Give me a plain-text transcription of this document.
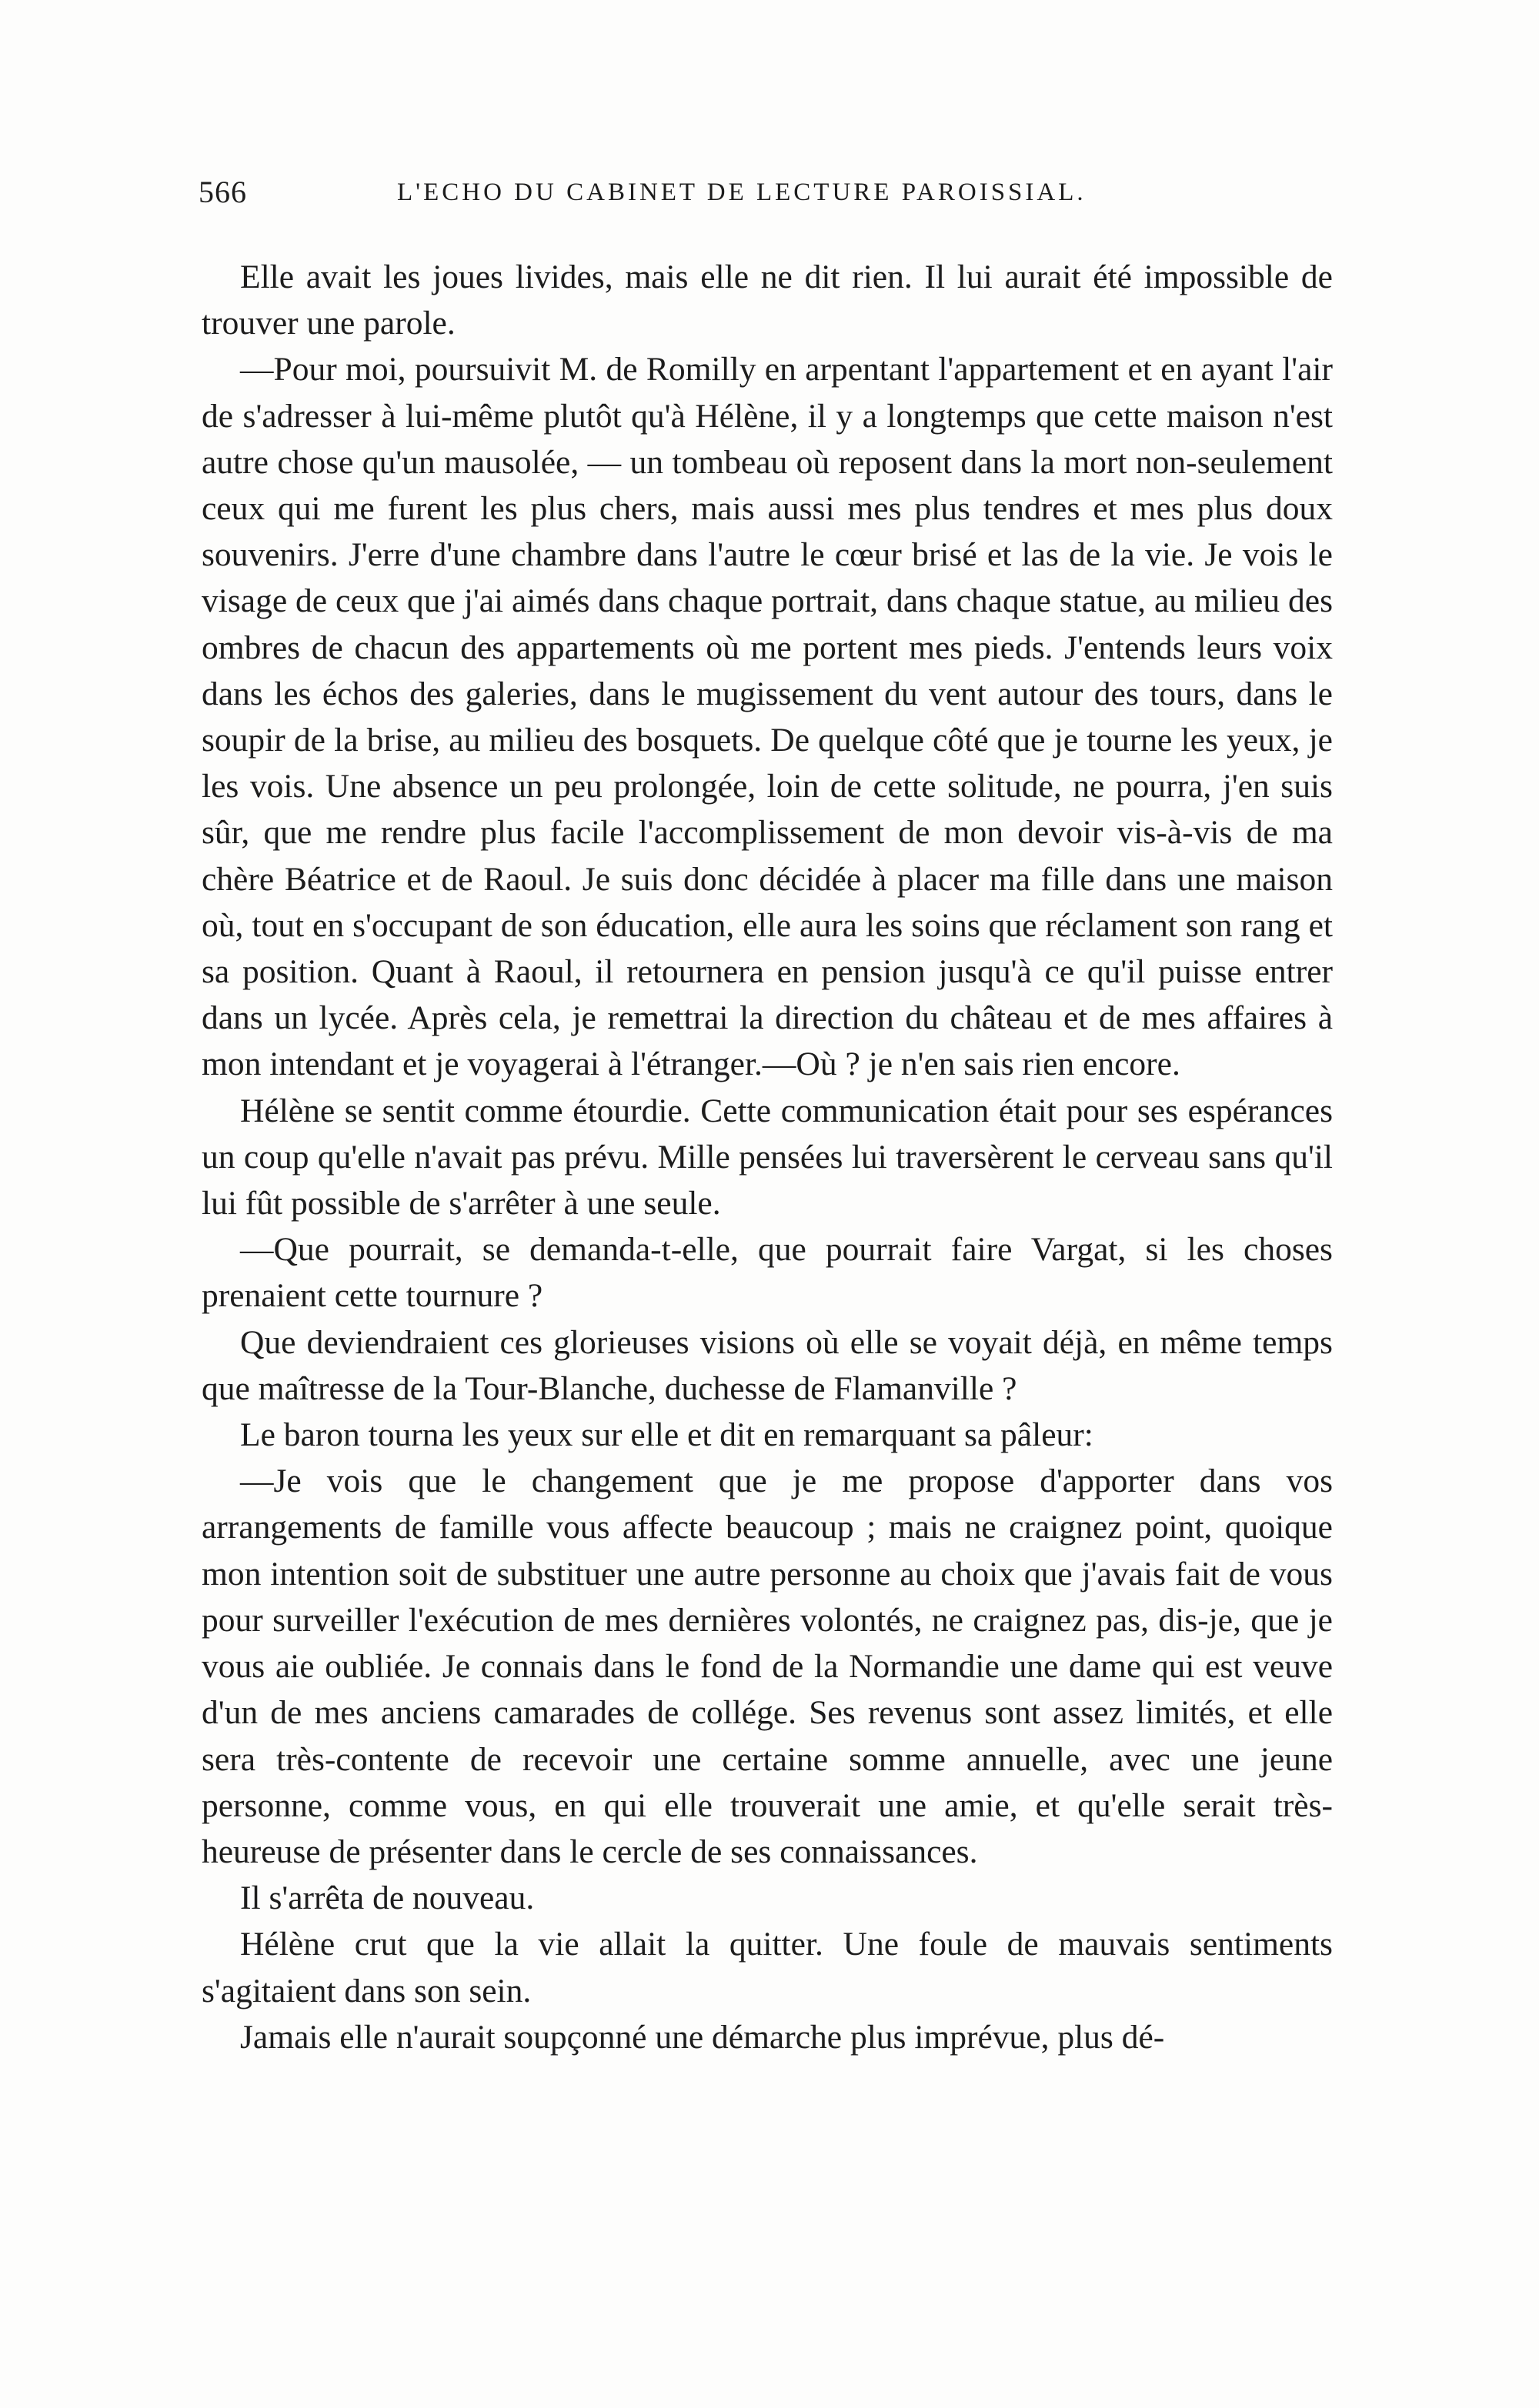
566	L'ECHO DU CABINET DE LECTURE PAROISSIAL.

Elle avait les joues livides, mais elle ne dit rien. Il lui aurait été impossible de trouver une parole.

—Pour moi, poursuivit M. de Romilly en arpentant l'appartement et en ayant l'air de s'adresser à lui-même plutôt qu'à Hélène, il y a longtemps que cette maison n'est autre chose qu'un mausolée, — un tombeau où reposent dans la mort non-seulement ceux qui me furent les plus chers, mais aussi mes plus tendres et mes plus doux souvenirs. J'erre d'une chambre dans l'autre le cœur brisé et las de la vie. Je vois le visage de ceux que j'ai aimés dans chaque portrait, dans chaque statue, au milieu des ombres de chacun des appartements où me portent mes pieds. J'entends leurs voix dans les échos des galeries, dans le mugissement du vent autour des tours, dans le soupir de la brise, au milieu des bosquets. De quelque côté que je tourne les yeux, je les vois. Une absence un peu prolongée, loin de cette solitude, ne pourra, j'en suis sûr, que me rendre plus facile l'accomplissement de mon devoir vis-à-vis de ma chère Béatrice et de Raoul. Je suis donc décidée à placer ma fille dans une maison où, tout en s'occupant de son éducation, elle aura les soins que réclament son rang et sa position. Quant à Raoul, il retournera en pension jusqu'à ce qu'il puisse entrer dans un lycée. Après cela, je remettrai la direction du château et de mes affaires à mon intendant et je voyagerai à l'étranger.—Où ? je n'en sais rien encore.

Hélène se sentit comme étourdie. Cette communication était pour ses espérances un coup qu'elle n'avait pas prévu. Mille pensées lui traversèrent le cerveau sans qu'il lui fût possible de s'arrêter à une seule.

—Que pourrait, se demanda-t-elle, que pourrait faire Vargat, si les choses prenaient cette tournure ?

Que deviendraient ces glorieuses visions où elle se voyait déjà, en même temps que maîtresse de la Tour-Blanche, duchesse de Flamanville ?

Le baron tourna les yeux sur elle et dit en remarquant sa pâleur:

—Je vois que le changement que je me propose d'apporter dans vos arrangements de famille vous affecte beaucoup ; mais ne craignez point, quoique mon intention soit de substituer une autre personne au choix que j'avais fait de vous pour surveiller l'exécution de mes dernières volontés, ne craignez pas, dis-je, que je vous aie oubliée. Je connais dans le fond de la Normandie une dame qui est veuve d'un de mes anciens camarades de collége. Ses revenus sont assez limités, et elle sera très-contente de recevoir une certaine somme annuelle, avec une jeune personne, comme vous, en qui elle trouverait une amie, et qu'elle serait très-heureuse de présenter dans le cercle de ses connaissances.

Il s'arrêta de nouveau.

Hélène crut que la vie allait la quitter. Une foule de mauvais sentiments s'agitaient dans son sein.

Jamais elle n'aurait soupçonné une démarche plus imprévue, plus dé-
